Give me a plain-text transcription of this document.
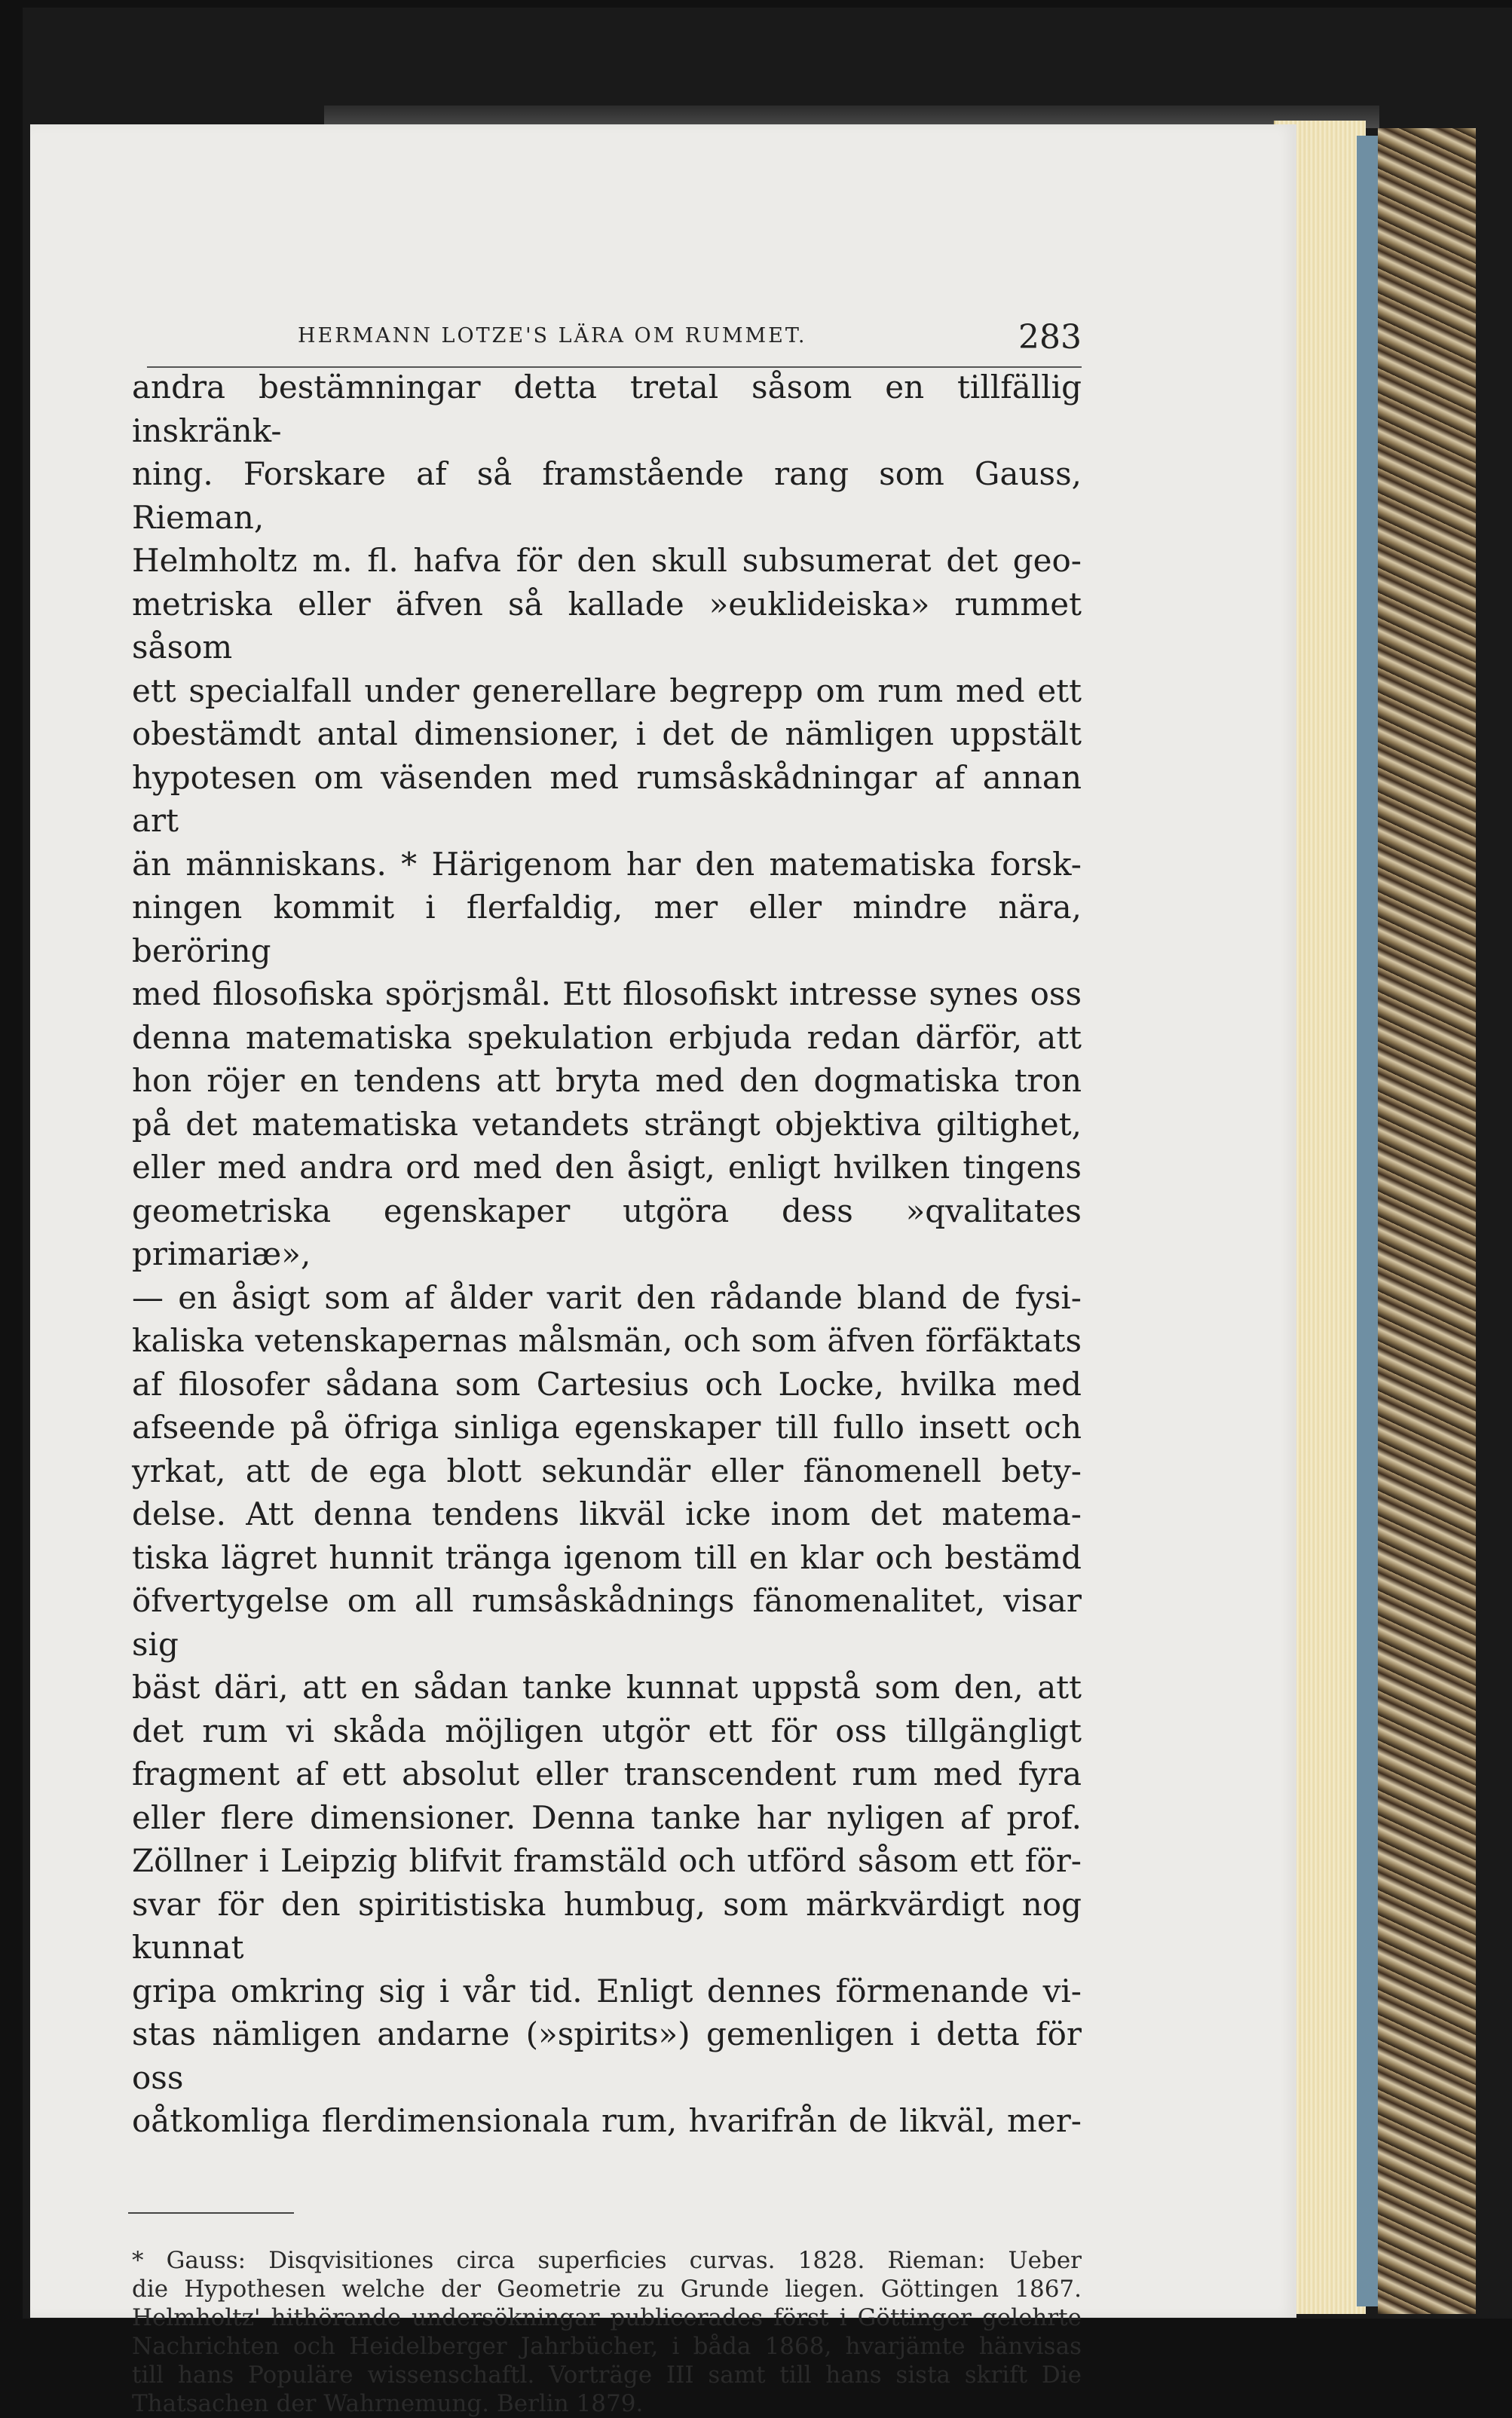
HERMANN LOTZE'S LÄRA OM RUMMET.	283
andra bestämningar detta tretal såsom en tillfällig inskränk-
ning. Forskare af så framstående rang som Gauss, Rieman,
Helmholtz m. fl. hafva för den skull subsumerat det geo-
metriska eller äfven så kallade »euklideiska» rummet såsom
ett specialfall under generellare begrepp om rum med ett
obestämdt antal dimensioner, i det de nämligen uppstält
hypotesen om väsenden med rumsåskådningar af annan art
än människans. * Härigenom har den matematiska forsk-
ningen kommit i flerfaldig, mer eller mindre nära, beröring
med filosofiska spörjsmål. Ett filosofiskt intresse synes oss
denna matematiska spekulation erbjuda redan därför, att
hon röjer en tendens att bryta med den dogmatiska tron
på det matematiska vetandets strängt objektiva giltighet,
eller med andra ord med den åsigt, enligt hvilken tingens
geometriska egenskaper utgöra dess »qvalitates primariæ»,
— en åsigt som af ålder varit den rådande bland de fysi-
kaliska vetenskapernas målsmän, och som äfven förfäktats
af filosofer sådana som Cartesius och Locke, hvilka med
afseende på öfriga sinliga egenskaper till fullo insett och
yrkat, att de ega blott sekundär eller fänomenell bety-
delse. Att denna tendens likväl icke inom det matema-
tiska lägret hunnit tränga igenom till en klar och bestämd
öfvertygelse om all rumsåskådnings fänomenalitet, visar sig
bäst däri, att en sådan tanke kunnat uppstå som den, att
det rum vi skåda möjligen utgör ett för oss tillgängligt
fragment af ett absolut eller transcendent rum med fyra
eller flere dimensioner. Denna tanke har nyligen af prof.
Zöllner i Leipzig blifvit framstäld och utförd såsom ett för-
svar för den spiritistiska humbug, som märkvärdigt nog kunnat
gripa omkring sig i vår tid. Enligt dennes förmenande vi-
stas nämligen andarne (»spirits») gemenligen i detta för oss
oåtkomliga flerdimensionala rum, hvarifrån de likväl, mer-
* Gauss: Disqvisitiones circa superficies curvas. 1828. Rieman: Ueber
die Hypothesen welche der Geometrie zu Grunde liegen. Göttingen 1867.
Helmholtz' hithörande undersökningar publicerades först i Göttinger gelehrte
Nachrichten och Heidelberger Jahrbücher, i båda 1868, hvarjämte hänvisas
till hans Populäre wissenschaftl. Vorträge III samt till hans sista skrift Die
Thatsachen der Wahrnemung. Berlin 1879.
